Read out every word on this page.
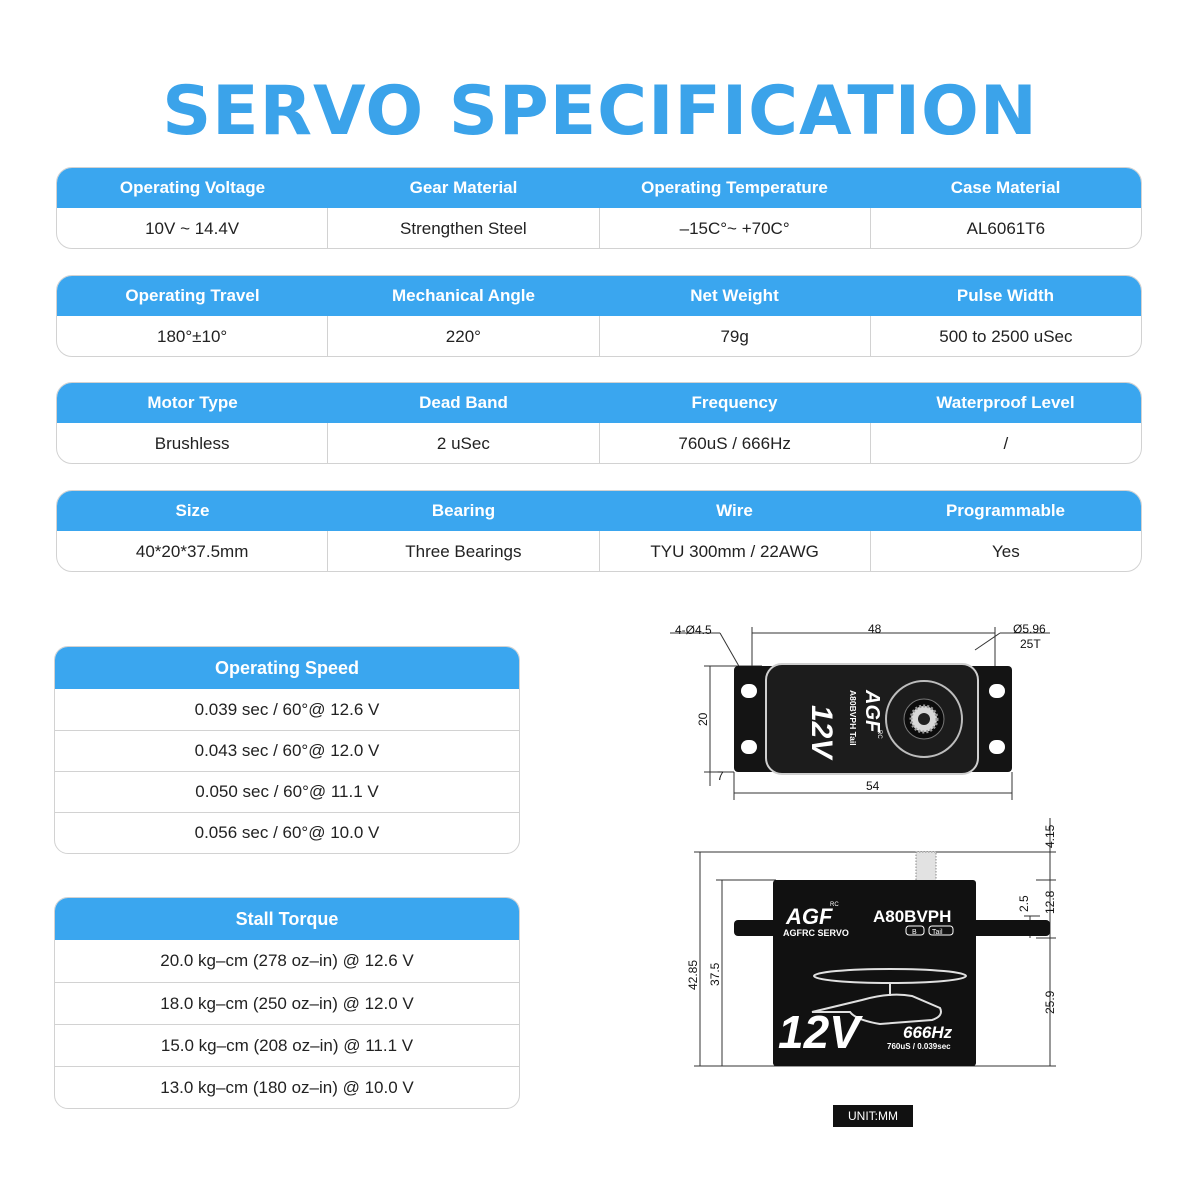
SERVO SPECIFICATION
Operating Voltage	Gear Material	Operating Temperature	Case Material
10V ~ 14.4V	Strengthen Steel	–15C°~ +70C°	AL6061T6
Operating Travel	Mechanical Angle	Net Weight	Pulse Width
180°±10°	220°	79g	500 to 2500 uSec
Motor Type	Dead Band	Frequency	Waterproof Level
Brushless	2 uSec	760uS / 666Hz	/
Size	Bearing	Wire	Programmable
40*20*37.5mm	Three Bearings	TYU 300mm / 22AWG	Yes
Operating Speed
0.039 sec / 60°@ 12.6 V
0.043 sec / 60°@ 12.0 V
0.050 sec / 60°@ 11.1 V
0.056 sec / 60°@ 10.0 V
Stall Torque
20.0 kg–cm (278 oz–in) @ 12.6 V
18.0 kg–cm (250 oz–in) @ 12.0 V
15.0 kg–cm (208 oz–in) @ 11.1 V
13.0 kg–cm (180 oz–in) @ 10.0 V
12V AGF
RC
A80BVPH Tail
4-Ø4.5	48	Ø5.96
25T
20
7
54
AGF
RC
AGFRC SERVO
A80BVPH
B Tail
12V	666Hz
760uS / 0.039sec
42.85 37.5
4.15
2.5 12.8
25.9
UNIT:MM
